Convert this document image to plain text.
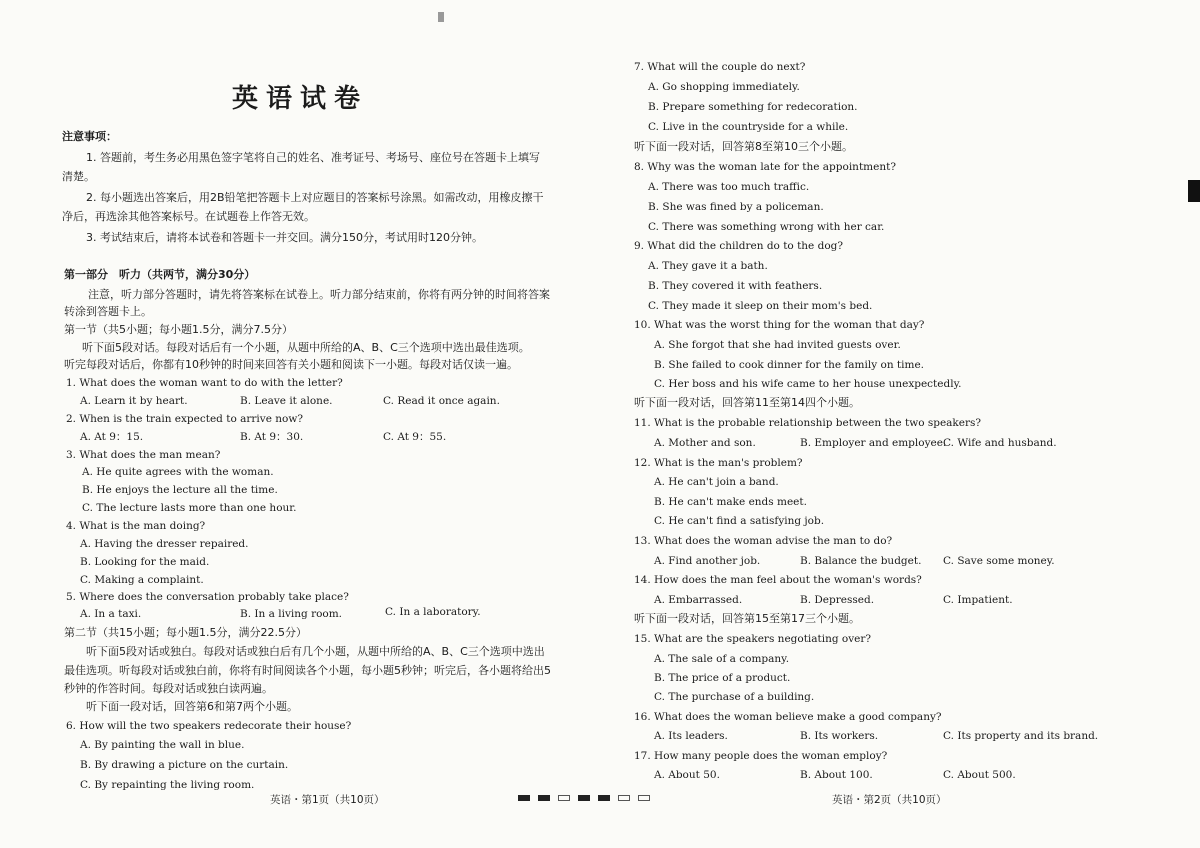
英语试卷
注意事项：
1. 答题前，考生务必用黑色签字笔将自己的姓名、准考证号、考场号、座位号在答题卡上填写
清楚。
2. 每小题选出答案后，用2B铅笔把答题卡上对应题目的答案标号涂黑。如需改动，用橡皮擦干
净后，再选涂其他答案标号。在试题卷上作答无效。
3. 考试结束后，请将本试卷和答题卡一并交回。满分150分，考试用时120分钟。
第一部分　听力（共两节，满分30分）
注意，听力部分答题时，请先将答案标在试卷上。听力部分结束前，你将有两分钟的时间将答案
转涂到答题卡上。
第一节（共5小题；每小题1.5分，满分7.5分）
听下面5段对话。每段对话后有一个小题，从题中所给的A、B、C三个选项中选出最佳选项。
听完每段对话后，你都有10秒钟的时间来回答有关小题和阅读下一小题。每段对话仅读一遍。
1. What does the woman want to do with the letter?
A. Learn it by heart.	B. Leave it alone.	C. Read it once again.
2. When is the train expected to arrive now?
A. At 9：15.	B. At 9：30.	C. At 9：55.
3. What does the man mean?
A. He quite agrees with the woman.
B. He enjoys the lecture all the time.
C. The lecture lasts more than one hour.
4. What is the man doing?
A. Having the dresser repaired.
B. Looking for the maid.
C. Making a complaint.
5. Where does the conversation probably take place?
A. In a taxi.	B. In a living room.	C. In a laboratory.
第二节（共15小题；每小题1.5分，满分22.5分）
听下面5段对话或独白。每段对话或独白后有几个小题，从题中所给的A、B、C三个选项中选出
最佳选项。听每段对话或独白前，你将有时间阅读各个小题，每小题5秒钟；听完后，各小题将给出5
秒钟的作答时间。每段对话或独白读两遍。
听下面一段对话，回答第6和第7两个小题。
6. How will the two speakers redecorate their house?
A. By painting the wall in blue.
B. By drawing a picture on the curtain.
C. By repainting the living room.
英语・第1页（共10页）
7. What will the couple do next?
A. Go shopping immediately.
B. Prepare something for redecoration.
C. Live in the countryside for a while.
听下面一段对话，回答第8至第10三个小题。
8. Why was the woman late for the appointment?
A. There was too much traffic.
B. She was fined by a policeman.
C. There was something wrong with her car.
9. What did the children do to the dog?
A. They gave it a bath.
B. They covered it with feathers.
C. They made it sleep on their mom's bed.
10. What was the worst thing for the woman that day?
A. She forgot that she had invited guests over.
B. She failed to cook dinner for the family on time.
C. Her boss and his wife came to her house unexpectedly.
听下面一段对话，回答第11至第14四个小题。
11. What is the probable relationship between the two speakers?
A. Mother and son.	B. Employer and employee.
C. Wife and husband.
12. What is the man's problem?
A. He can't join a band.
B. He can't make ends meet.
C. He can't find a satisfying job.
13. What does the woman advise the man to do?
A. Find another job.	B. Balance the budget. C. Save some money.
14. How does the man feel about the woman's words?
A. Embarrassed.	B. Depressed.	C. Impatient.
听下面一段对话，回答第15至第17三个小题。
15. What are the speakers negotiating over?
A. The sale of a company.
B. The price of a product.
C. The purchase of a building.
16. What does the woman believe make a good company?
A. Its leaders.	B. Its workers.	C. Its property and its brand.
17. How many people does the woman employ?
A. About 50.	B. About 100.	C. About 500.
英语・第2页（共10页）
